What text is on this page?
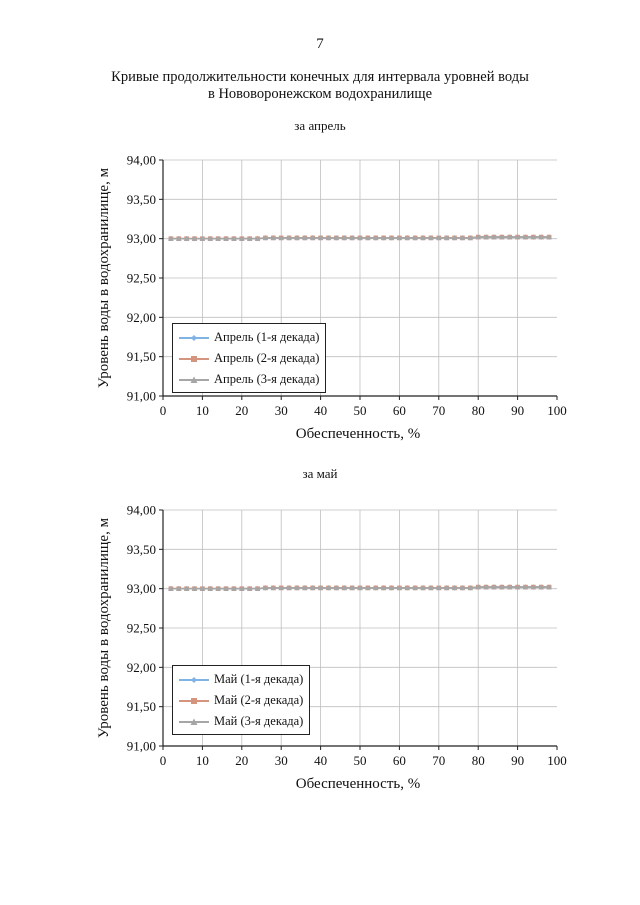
7
Кривые продолжительности конечных для интервала уровней воды
в Нововоронежском водохранилище
за апрель
0 10 20 30 40 50 60 70 80 90 100
91,00
91,50
92,00
92,50
93,00
93,50
94,00
Обеспеченность, %
Уровень воды в водохранилище, м	Апрель (1-я декада)
Апрель (2-я декада)
Апрель (3-я декада)
за май
0 10 20 30 40 50 60 70 80 90 100
91,00
91,50
92,00
92,50
93,00
93,50
94,00
Обеспеченность, %
Уровень воды в водохранилище, м	Май (1-я декада)
Май (2-я декада)
Май (3-я декада)
